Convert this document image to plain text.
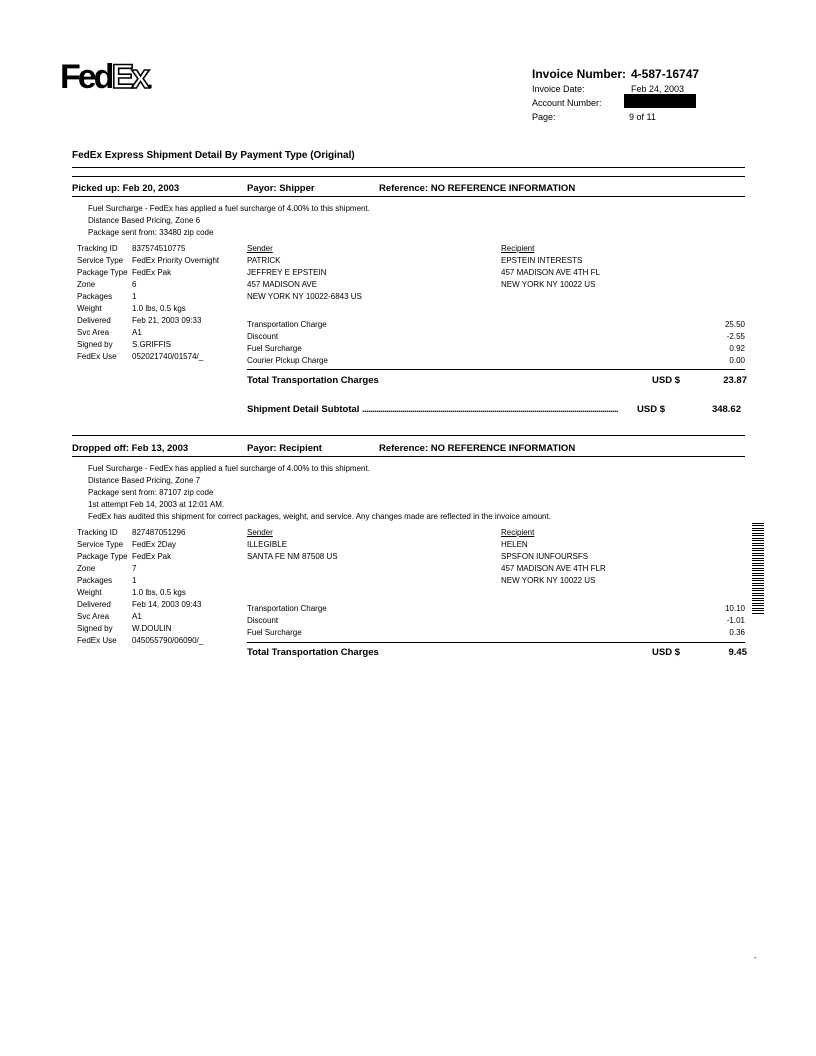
FedEx.	Invoice Number: 4-587-16747
Invoice Date:	Feb 24, 2003
Account Number:
Page:	9 of 11
FedEx Express Shipment Detail By Payment Type (Original)
Picked up: Feb 20, 2003	Payor: Shipper	Reference: NO REFERENCE INFORMATION
Fuel Surcharge - FedEx has applied a fuel surcharge of 4.00% to this shipment.
Distance Based Pricing, Zone 6
Package sent from: 33480 zip code
Tracking ID 837574510775
Service Type FedEx Priority Overnight
Package Type FedEx Pak
Zone	6
Packages 1
Weight	1.0 lbs, 0.5 kgs
Delivered	Feb 21, 2003 09:33
Svc Area	A1
Signed by S.GRIFFIS
FedEx Use 052021740/01574/_
Sender
PATRICK
JEFFREY E EPSTEIN
457 MADISON AVE
NEW YORK NY 10022-6843 US
Recipient
EPSTEIN INTERESTS
457 MADISON AVE 4TH FL
NEW YORK NY 10022 US
Transportation Charge	25.50
Discount	-2.55
Fuel Surcharge	0.92
Courier Pickup Charge	0.00
Total Transportation Charges	USD $	23.87
Shipment Detail Subtotal ................................................................................................................................	USD $	348.62
Dropped off: Feb 13, 2003	Payor: Recipient	Reference: NO REFERENCE INFORMATION
Fuel Surcharge - FedEx has applied a fuel surcharge of 4.00% to this shipment.
Distance Based Pricing, Zone 7
Package sent from: 87107 zip code
1st attempt Feb 14, 2003 at 12:01 AM.
FedEx has audited this shipment for correct packages, weight, and service. Any changes made are reflected in the invoice amount.
Tracking ID 827487051296
Service Type FedEx 2Day
Package Type FedEx Pak
Zone	7
Packages 1
Weight	1.0 lbs, 0.5 kgs
Delivered	Feb 14, 2003 09:43
Svc Area	A1
Signed by W.DOULIN
FedEx Use 045055790/06090/_
Sender
ILLEGIBLE
SANTA FE NM 87508 US
Recipient
HELEN
SPSFON IUNFOURSFS
457 MADISON AVE 4TH FLR
NEW YORK NY 10022 US
Transportation Charge	10.10
Discount	-1.01
Fuel Surcharge	0.36
Total Transportation Charges	USD $	9.45
-
